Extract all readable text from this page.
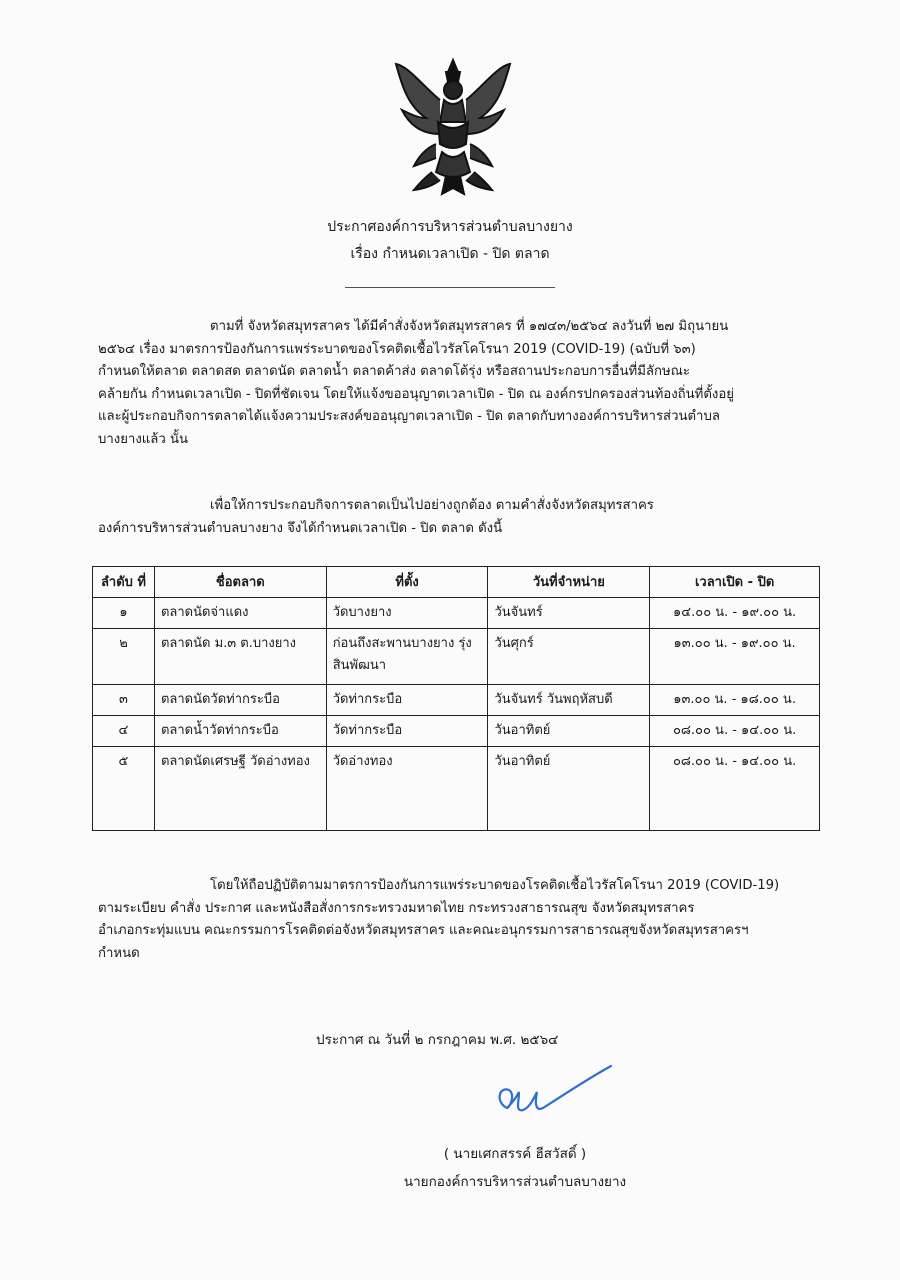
ประกาศองค์การบริหารส่วนตำบลบางยาง
เรื่อง กำหนดเวลาเปิด - ปิด ตลาด
ตามที่ จังหวัดสมุทรสาคร ได้มีคำสั่งจังหวัดสมุทรสาคร ที่ ๑๗๔๓/๒๕๖๔ ลงวันที่ ๒๗ มิถุนายน
๒๕๖๔ เรื่อง มาตรการป้องกันการแพร่ระบาดของโรคติดเชื้อไวรัสโคโรนา 2019 (COVID-19) (ฉบับที่ ๖๓)
กำหนดให้ตลาด ตลาดสด ตลาดนัด ตลาดน้ำ ตลาดค้าส่ง ตลาดโต้รุ่ง หรือสถานประกอบการอื่นที่มีลักษณะ
คล้ายกัน กำหนดเวลาเปิด - ปิดที่ชัดเจน โดยให้แจ้งขออนุญาตเวลาเปิด - ปิด ณ องค์กรปกครองส่วนท้องถิ่นที่ตั้งอยู่
และผู้ประกอบกิจการตลาดได้แจ้งความประสงค์ขออนุญาตเวลาเปิด - ปิด ตลาดกับทางองค์การบริหารส่วนตำบล
บางยางแล้ว นั้น
เพื่อให้การประกอบกิจการตลาดเป็นไปอย่างถูกต้อง ตามคำสั่งจังหวัดสมุทรสาคร
องค์การบริหารส่วนตำบลบางยาง จึงได้กำหนดเวลาเปิด - ปิด ตลาด ดังนี้
ลำดับ ที่	ชื่อตลาด	ที่ตั้ง	วันที่จำหน่าย	เวลาเปิด - ปิด
๑	ตลาดนัดจ่าแดง	วัดบางยาง	วันจันทร์	๑๔.๐๐ น. - ๑๙.๐๐ น.
๒	ตลาดนัด ม.๓ ต.บางยาง	ก่อนถึงสะพานบางยาง รุ่งสินพัฒนา	วันศุกร์	๑๓.๐๐ น. - ๑๙.๐๐ น.
๓	ตลาดนัดวัดท่ากระบือ	วัดท่ากระบือ	วันจันทร์ วันพฤหัสบดี	๑๓.๐๐ น. - ๑๘.๐๐ น.
๔	ตลาดน้ำวัดท่ากระบือ	วัดท่ากระบือ	วันอาทิตย์	๐๘.๐๐ น. - ๑๔.๐๐ น.
๕	ตลาดนัดเศรษฐี วัดอ่างทอง	วัดอ่างทอง	วันอาทิตย์	๐๘.๐๐ น. - ๑๔.๐๐ น.
โดยให้ถือปฏิบัติตามมาตรการป้องกันการแพร่ระบาดของโรคติดเชื้อไวรัสโคโรนา 2019 (COVID-19)
ตามระเบียบ คำสั่ง ประกาศ และหนังสือสั่งการกระทรวงมหาดไทย กระทรวงสาธารณสุข จังหวัดสมุทรสาคร
อำเภอกระทุ่มแบน คณะกรรมการโรคติดต่อจังหวัดสมุทรสาคร และคณะอนุกรรมการสาธารณสุขจังหวัดสมุทรสาครฯ
กำหนด
ประกาศ ณ วันที่ ๒ กรกฎาคม พ.ศ. ๒๕๖๔
( นายเศกสรรค์ ฮีสวัสดิ์ )
นายกองค์การบริหารส่วนตำบลบางยาง
